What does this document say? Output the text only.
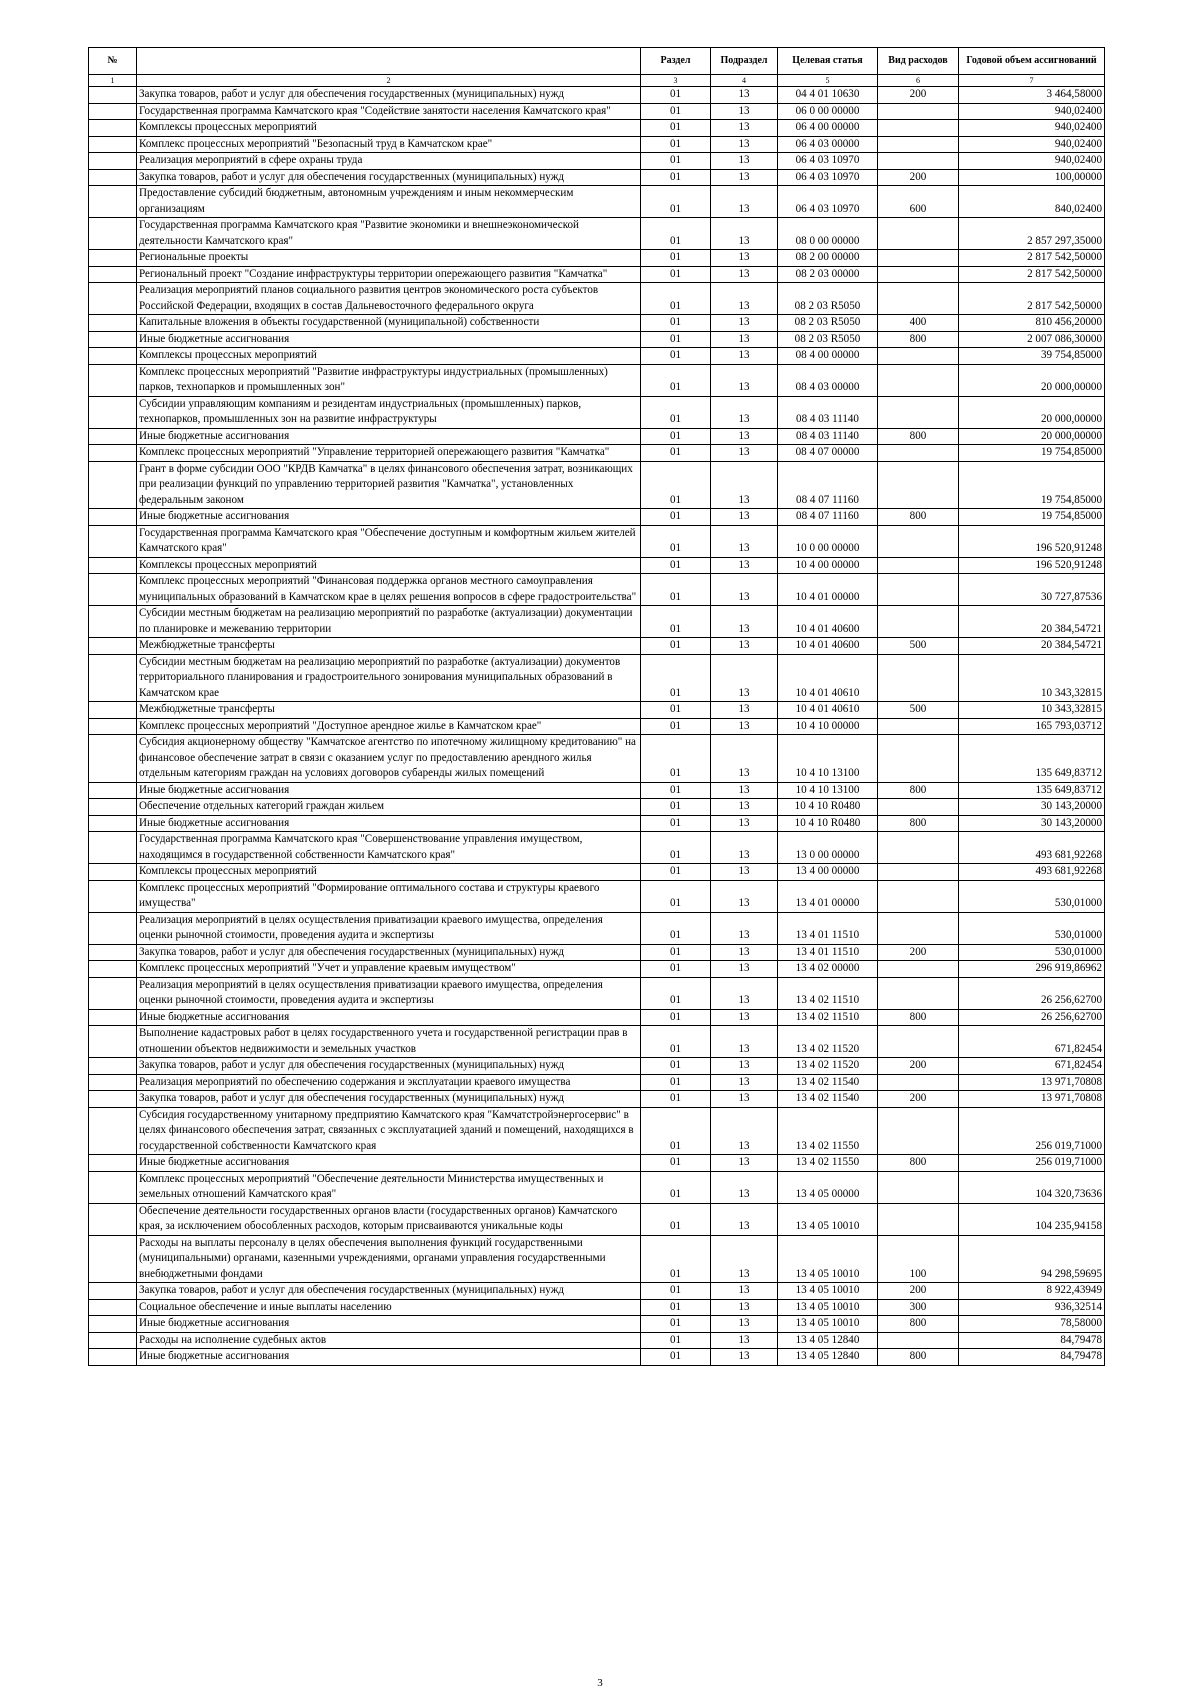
№		Раздел	Подраздел	Целевая статья	Вид расходов	Годовой объем ассигнований
1	2	3	4	5	6	7
	Закупка товаров, работ и услуг для обеспечения государственных (муниципальных) нужд	01	13	04 4 01 10630	200	3 464,58000
	Государственная программа Камчатского края "Содействие занятости населения Камчатского края"	01	13	06 0 00 00000		940,02400
	Комплексы процессных мероприятий	01	13	06 4 00 00000		940,02400
	Комплекс процессных мероприятий "Безопасный труд в Камчатском крае"	01	13	06 4 03 00000		940,02400
	Реализация мероприятий в сфере охраны труда	01	13	06 4 03 10970		940,02400
	Закупка товаров, работ и услуг для обеспечения государственных (муниципальных) нужд	01	13	06 4 03 10970	200	100,00000
	Предоставление субсидий бюджетным, автономным учреждениям и иным некоммерческим организациям	01	13	06 4 03 10970	600	840,02400
	Государственная программа Камчатского края "Развитие экономики и внешнеэкономической деятельности Камчатского края"	01	13	08 0 00 00000		2 857 297,35000
	Региональные проекты	01	13	08 2 00 00000		2 817 542,50000
	Региональный проект "Создание инфраструктуры территории опережающего развития "Камчатка"	01	13	08 2 03 00000		2 817 542,50000
	Реализация мероприятий планов социального развития центров экономического роста субъектов Российской Федерации, входящих в состав Дальневосточного федерального округа	01	13	08 2 03 R5050		2 817 542,50000
	Капитальные вложения в объекты государственной (муниципальной) собственности	01	13	08 2 03 R5050	400	810 456,20000
	Иные бюджетные ассигнования	01	13	08 2 03 R5050	800	2 007 086,30000
	Комплексы процессных мероприятий	01	13	08 4 00 00000		39 754,85000
	Комплекс процессных мероприятий "Развитие инфраструктуры индустриальных (промышленных) парков, технопарков и промышленных зон"	01	13	08 4 03 00000		20 000,00000
	Субсидии управляющим компаниям и резидентам индустриальных (промышленных) парков, технопарков, промышленных зон на развитие инфраструктуры	01	13	08 4 03 11140		20 000,00000
	Иные бюджетные ассигнования	01	13	08 4 03 11140	800	20 000,00000
	Комплекс процессных мероприятий "Управление территорией опережающего развития "Камчатка"	01	13	08 4 07 00000		19 754,85000
	Грант в форме субсидии ООО "КРДВ Камчатка" в целях финансового обеспечения затрат, возникающих при реализации функций по управлению территорией развития "Камчатка", установленных федеральным законом	01	13	08 4 07 11160		19 754,85000
	Иные бюджетные ассигнования	01	13	08 4 07 11160	800	19 754,85000
	Государственная программа Камчатского края "Обеспечение доступным и комфортным жильем жителей Камчатского края"	01	13	10 0 00 00000		196 520,91248
	Комплексы процессных мероприятий	01	13	10 4 00 00000		196 520,91248
	Комплекс процессных мероприятий "Финансовая поддержка органов местного самоуправления муниципальных образований в Камчатском крае в целях решения вопросов в сфере градостроительства"	01	13	10 4 01 00000		30 727,87536
	Субсидии местным бюджетам на реализацию мероприятий по разработке (актуализации) документации по планировке и межеванию территории	01	13	10 4 01 40600		20 384,54721
	Межбюджетные трансферты	01	13	10 4 01 40600	500	20 384,54721
	Субсидии местным бюджетам на реализацию мероприятий по разработке (актуализации) документов территориального планирования и градостроительного зонирования муниципальных образований в Камчатском крае	01	13	10 4 01 40610		10 343,32815
	Межбюджетные трансферты	01	13	10 4 01 40610	500	10 343,32815
	Комплекс процессных мероприятий "Доступное арендное жилье в Камчатском крае"	01	13	10 4 10 00000		165 793,03712
	Субсидия акционерному обществу "Камчатское агентство по ипотечному жилищному кредитованию" на финансовое обеспечение затрат в связи с оказанием услуг по предоставлению арендного жилья отдельным категориям граждан на условиях договоров субаренды жилых помещений	01	13	10 4 10 13100		135 649,83712
	Иные бюджетные ассигнования	01	13	10 4 10 13100	800	135 649,83712
	Обеспечение отдельных категорий граждан жильем	01	13	10 4 10 R0480		30 143,20000
	Иные бюджетные ассигнования	01	13	10 4 10 R0480	800	30 143,20000
	Государственная программа Камчатского края "Совершенствование управления имуществом, находящимся в государственной собственности Камчатского края"	01	13	13 0 00 00000		493 681,92268
	Комплексы процессных мероприятий	01	13	13 4 00 00000		493 681,92268
	Комплекс процессных мероприятий "Формирование оптимального состава и структуры краевого имущества"	01	13	13 4 01 00000		530,01000
	Реализация мероприятий в целях осуществления приватизации краевого имущества, определения оценки рыночной стоимости, проведения аудита и экспертизы	01	13	13 4 01 11510		530,01000
	Закупка товаров, работ и услуг для обеспечения государственных (муниципальных) нужд	01	13	13 4 01 11510	200	530,01000
	Комплекс процессных мероприятий "Учет и управление краевым имуществом"	01	13	13 4 02 00000		296 919,86962
	Реализация мероприятий в целях осуществления приватизации краевого имущества, определения оценки рыночной стоимости, проведения аудита и экспертизы	01	13	13 4 02 11510		26 256,62700
	Иные бюджетные ассигнования	01	13	13 4 02 11510	800	26 256,62700
	Выполнение кадастровых работ в целях государственного учета и государственной регистрации прав в отношении объектов недвижимости и земельных участков	01	13	13 4 02 11520		671,82454
	Закупка товаров, работ и услуг для обеспечения государственных (муниципальных) нужд	01	13	13 4 02 11520	200	671,82454
	Реализация мероприятий по обеспечению содержания и эксплуатации краевого имущества	01	13	13 4 02 11540		13 971,70808
	Закупка товаров, работ и услуг для обеспечения государственных (муниципальных) нужд	01	13	13 4 02 11540	200	13 971,70808
	Субсидия государственному унитарному предприятию Камчатского края "Камчатстройэнергосервис" в целях финансового обеспечения затрат, связанных с эксплуатацией зданий и помещений, находящихся в государственной собственности Камчатского края	01	13	13 4 02 11550		256 019,71000
	Иные бюджетные ассигнования	01	13	13 4 02 11550	800	256 019,71000
	Комплекс процессных мероприятий "Обеспечение деятельности Министерства имущественных и земельных отношений Камчатского края"	01	13	13 4 05 00000		104 320,73636
	Обеспечение деятельности государственных органов власти (государственных органов) Камчатского края, за исключением обособленных расходов, которым присваиваются уникальные коды	01	13	13 4 05 10010		104 235,94158
	Расходы на выплаты персоналу в целях обеспечения выполнения функций государственными (муниципальными) органами, казенными учреждениями, органами управления государственными внебюджетными фондами	01	13	13 4 05 10010	100	94 298,59695
	Закупка товаров, работ и услуг для обеспечения государственных (муниципальных) нужд	01	13	13 4 05 10010	200	8 922,43949
	Социальное обеспечение и иные выплаты населению	01	13	13 4 05 10010	300	936,32514
	Иные бюджетные ассигнования	01	13	13 4 05 10010	800	78,58000
	Расходы на исполнение судебных актов	01	13	13 4 05 12840		84,79478
	Иные бюджетные ассигнования	01	13	13 4 05 12840	800	84,79478
3
